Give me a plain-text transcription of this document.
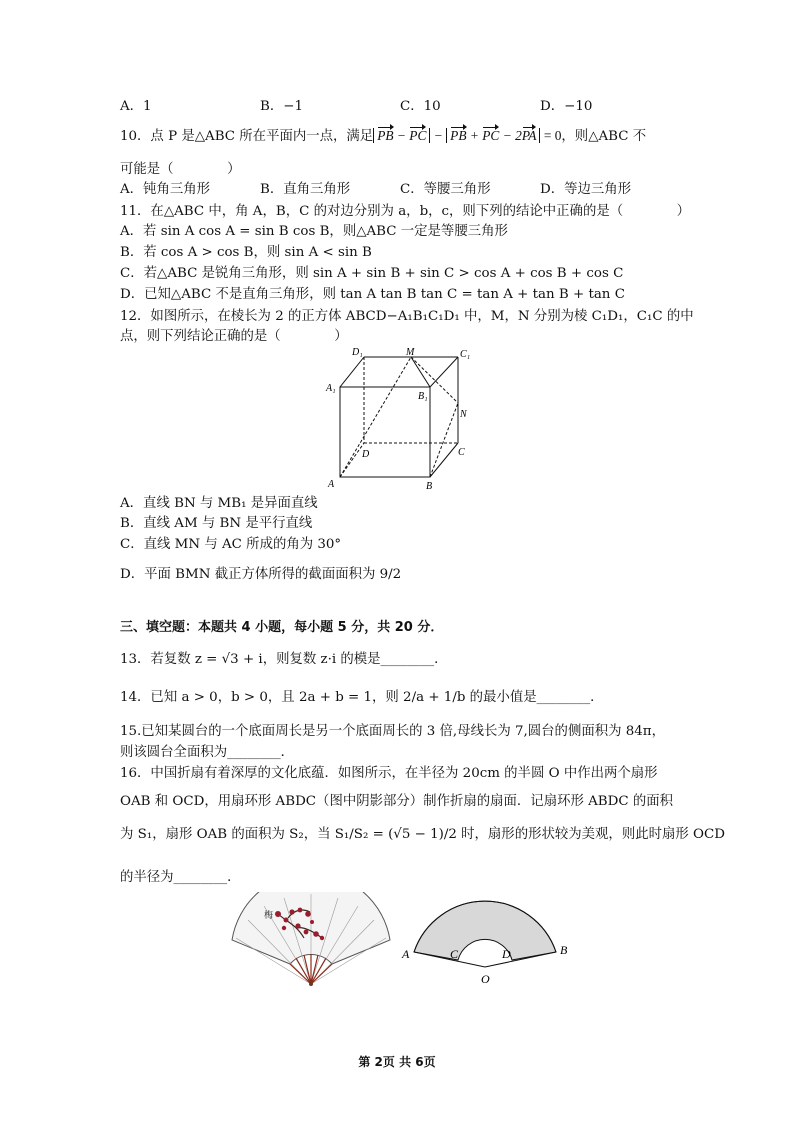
A．1	B．−1	C．10	D．−10
10．点 P 是△ABC 所在平面内一点，满足 PB − PC − PB + PC − 2PA = 0，则△ABC 不
可能是（　　　　）
A．钝角三角形	B．直角三角形	C．等腰三角形	D．等边三角形
11．在△ABC 中，角 A，B，C 的对边分别为 a，b，c，则下列的结论中正确的是（　　　　）
A．若 sin A cos A = sin B cos B，则△ABC 一定是等腰三角形
B．若 cos A > cos B，则 sin A < sin B
C．若△ABC 是锐角三角形，则 sin A + sin B + sin C > cos A + cos B + cos C
D．已知△ABC 不是直角三角形，则 tan A tan B tan C = tan A + tan B + tan C
12．如图所示，在棱长为 2 的正方体 ABCD−A₁B₁C₁D₁ 中，M，N 分别为棱 C₁D₁，C₁C 的中
点，则下列结论正确的是（　　　　）
D₁	M	C₁
A₁
B₁
N
D	C
A	B
A．直线 BN 与 MB₁ 是异面直线
B．直线 AM 与 BN 是平行直线
C．直线 MN 与 AC 所成的角为 30°
D．平面 BMN 截正方体所得的截面面积为 9/2
三、填空题：本题共 4 小题，每小题 5 分，共 20 分．
13．若复数 z = √3 + i，则复数 z·i 的模是________．
14．已知 a > 0，b > 0，且 2a + b = 1，则 2/a + 1/b 的最小值是________．
15.已知某圆台的一个底面周长是另一个底面周长的 3 倍,母线长为 7,圆台的侧面积为 84π，
则该圆台全面积为________．
16．中国折扇有着深厚的文化底蕴．如图所示，在半径为 20cm 的半圆 O 中作出两个扇形
OAB 和 OCD，用扇环形 ABDC（图中阴影部分）制作折扇的扇面．记扇环形 ABDC 的面积
为 S₁，扇形 OAB 的面积为 S₂，当 S₁/S₂ = (√5 − 1)/2 时，扇形的形状较为美观，则此时扇形 OCD
的半径为________．
梅
A	C	D	B
O
第 2页 共 6页
